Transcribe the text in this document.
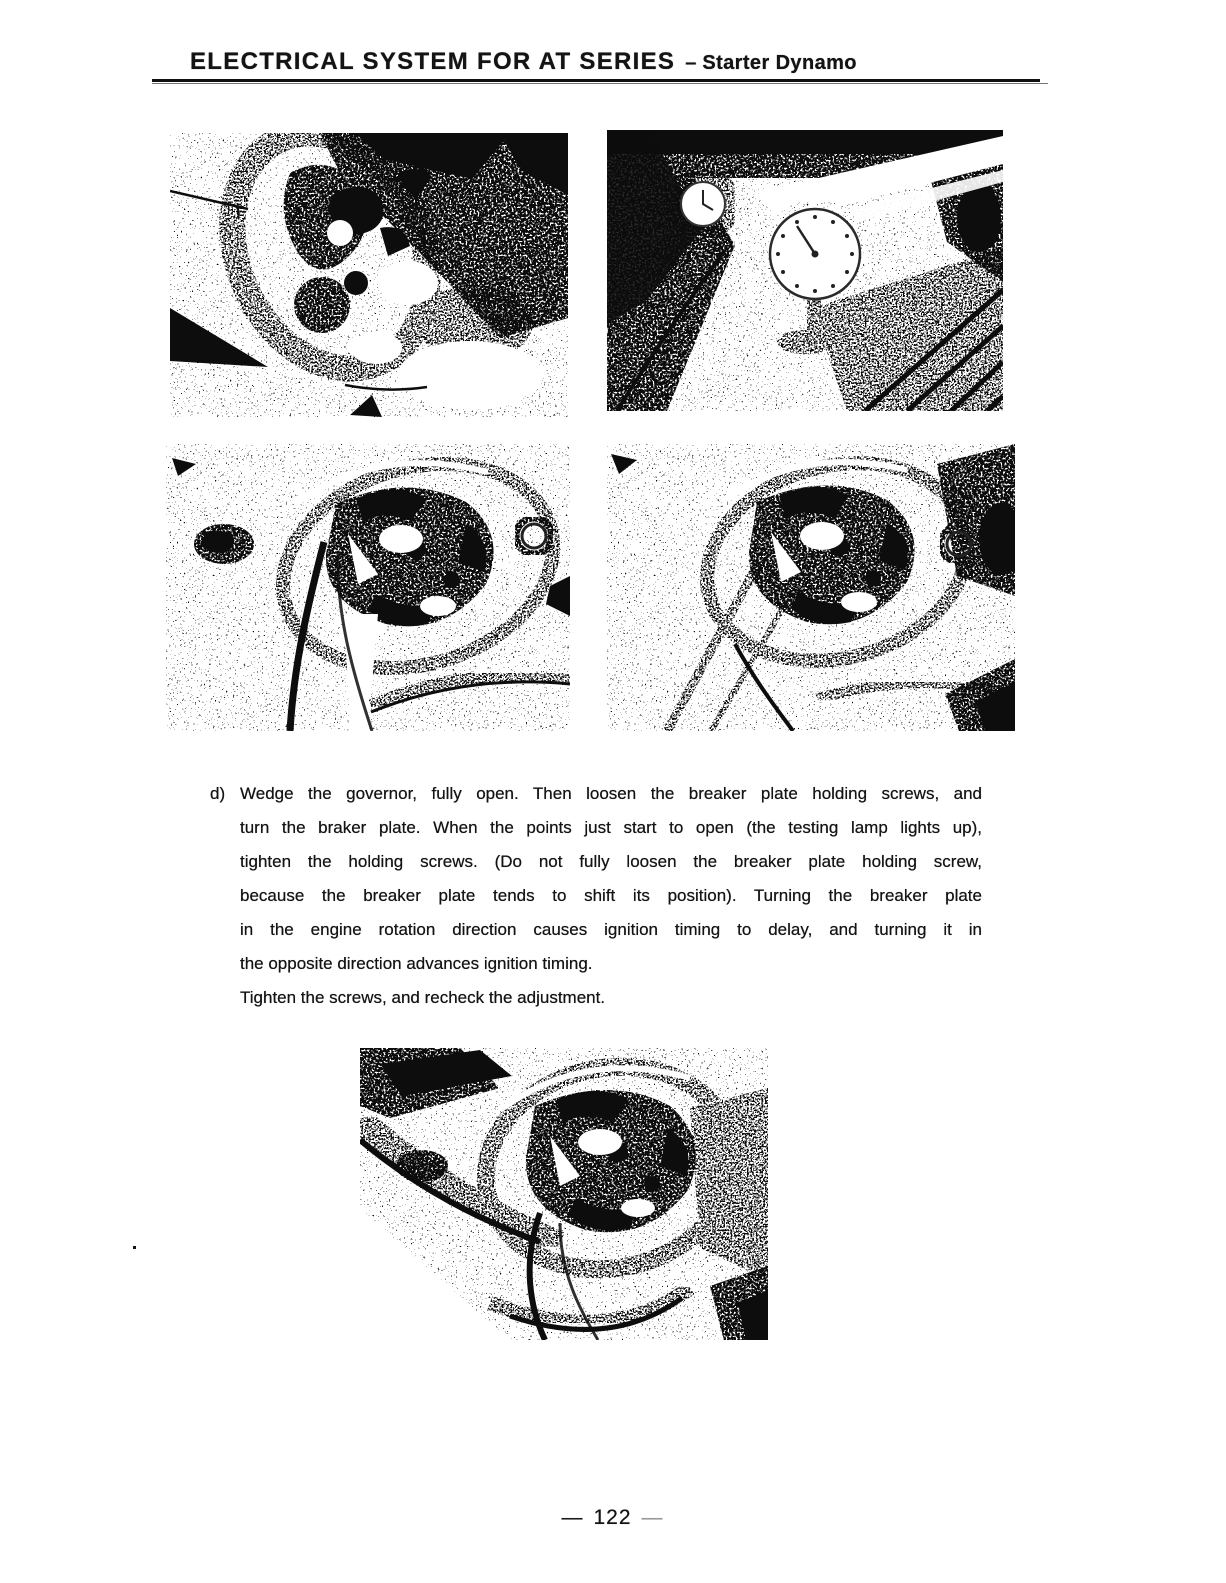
ELECTRICAL SYSTEM FOR AT SERIES – Starter Dynamo
d) Wedge the governor, fully open. Then loosen the breaker plate holding screws, and
turn the braker plate. When the points just start to open (the testing lamp lights up),
tighten the holding screws. (Do not fully loosen the breaker plate holding screw,
because the breaker plate tends to shift its position). Turning the breaker plate
in the engine rotation direction causes ignition timing to delay, and turning it in
the opposite direction advances ignition timing.
Tighten the screws, and recheck the adjustment.
— 122 —
